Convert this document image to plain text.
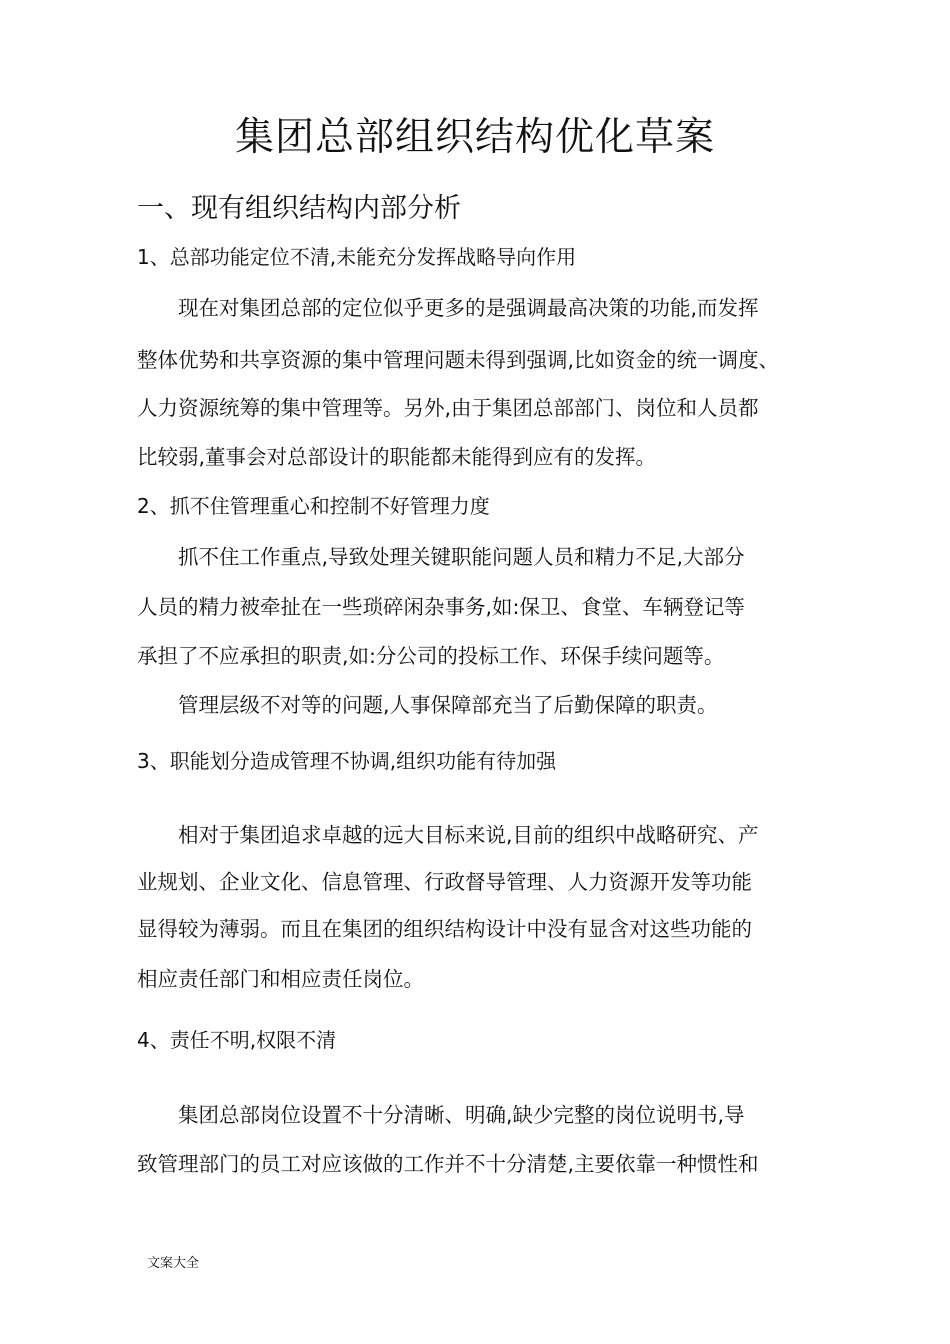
集团总部组织结构优化草案
一、现有组织结构内部分析
1、总部功能定位不清,未能充分发挥战略导向作用
　　现在对集团总部的定位似乎更多的是强调最高决策的功能,而发挥
整体优势和共享资源的集中管理问题未得到强调,比如资金的统一调度、
人力资源统筹的集中管理等。另外,由于集团总部部门、岗位和人员都
比较弱,董事会对总部设计的职能都未能得到应有的发挥。
2、抓不住管理重心和控制不好管理力度
　　抓不住工作重点,导致处理关键职能问题人员和精力不足,大部分
人员的精力被牵扯在一些琐碎闲杂事务,如:保卫、食堂、车辆登记等
承担了不应承担的职责,如:分公司的投标工作、环保手续问题等。
　　管理层级不对等的问题,人事保障部充当了后勤保障的职责。
3、职能划分造成管理不协调,组织功能有待加强
　　相对于集团追求卓越的远大目标来说,目前的组织中战略研究、产
业规划、企业文化、信息管理、行政督导管理、人力资源开发等功能
显得较为薄弱。而且在集团的组织结构设计中没有显含对这些功能的
相应责任部门和相应责任岗位。
4、责任不明,权限不清
　　集团总部岗位设置不十分清晰、明确,缺少完整的岗位说明书,导
致管理部门的员工对应该做的工作并不十分清楚,主要依靠一种惯性和
文案大全
